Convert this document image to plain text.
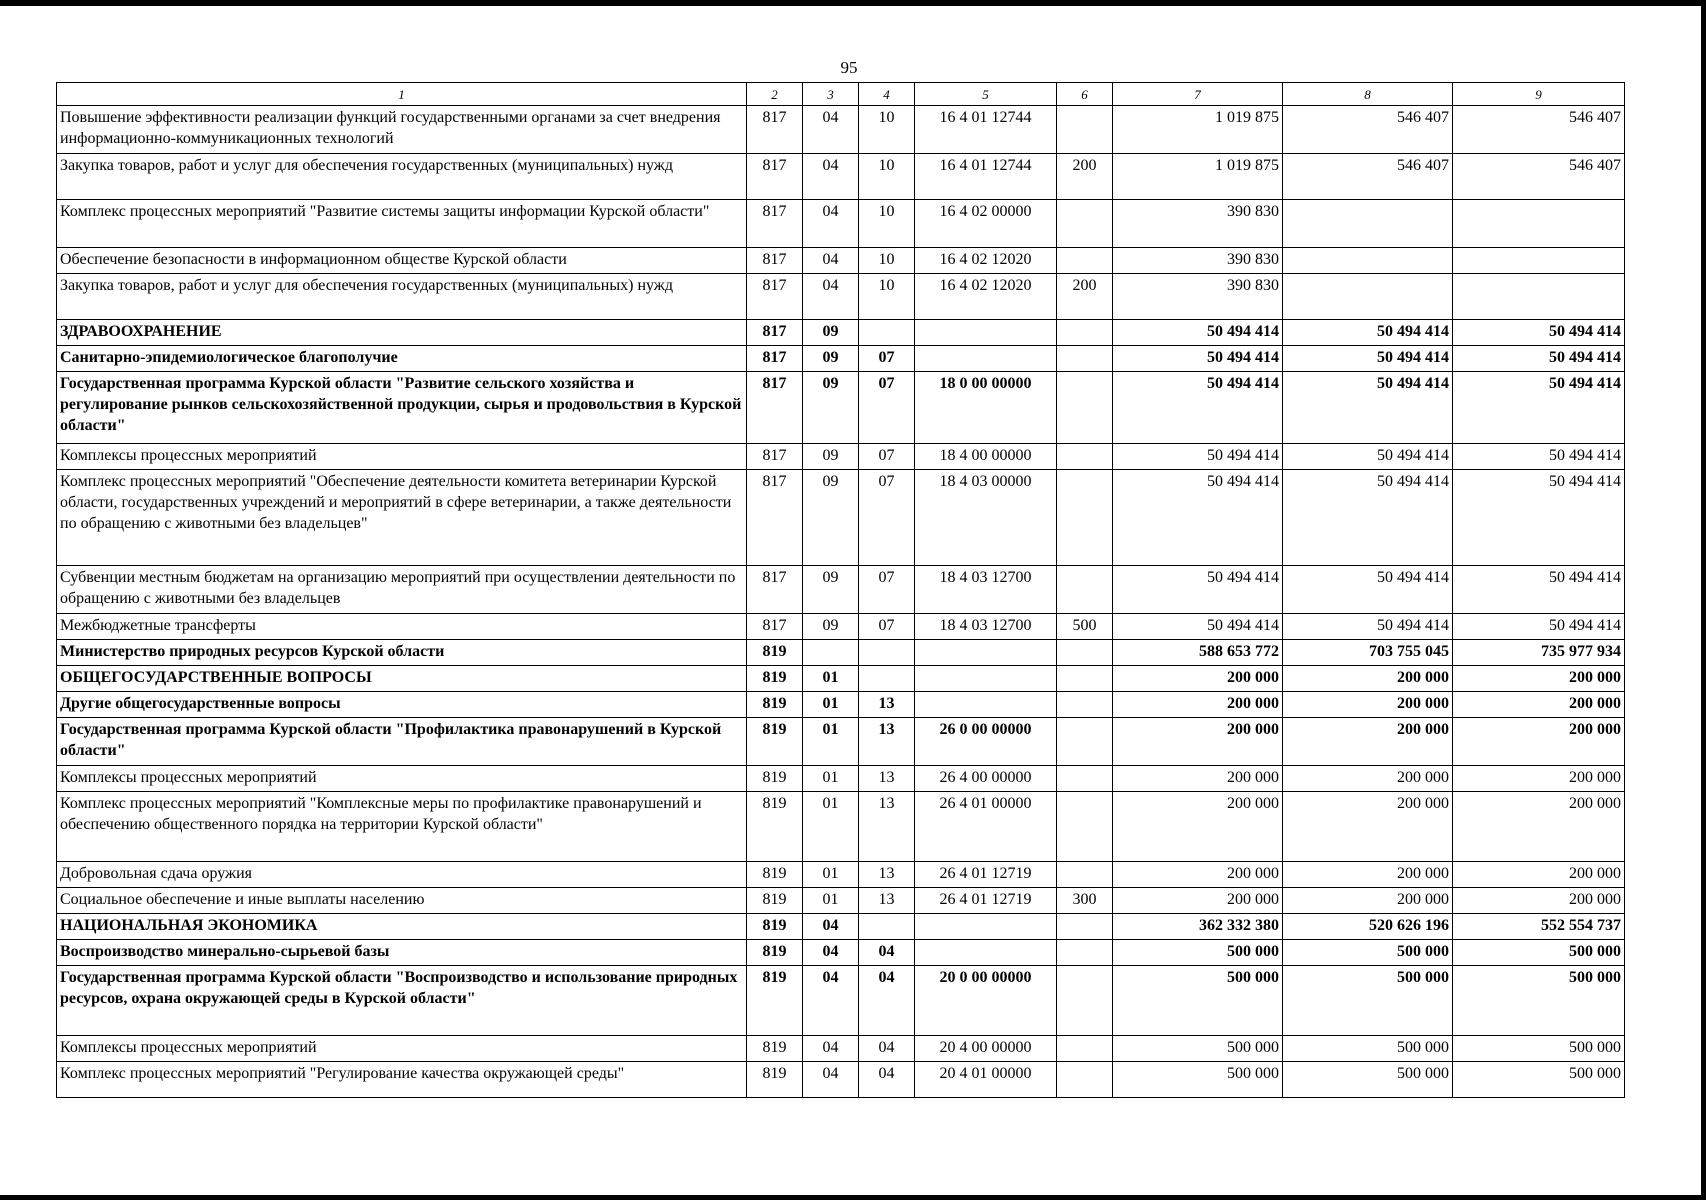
95
1	2	3	4	5	6	7	8	9
Повышение эффективности реализации функций государственными органами за счет внедрения информационно-коммуникационных технологий	817	04	10	16 4 01 12744		1 019 875	546 407	546 407
Закупка товаров, работ и услуг для обеспечения государственных (муниципальных) нужд	817	04	10	16 4 01 12744	200	1 019 875	546 407	546 407
Комплекс процессных мероприятий "Развитие системы защиты информации Курской области"	817	04	10	16 4 02 00000		390 830		
Обеспечение безопасности в информационном обществе Курской области	817	04	10	16 4 02 12020		390 830		
Закупка товаров, работ и услуг для обеспечения государственных (муниципальных) нужд	817	04	10	16 4 02 12020	200	390 830		
ЗДРАВООХРАНЕНИЕ	817	09				50 494 414	50 494 414	50 494 414
Санитарно-эпидемиологическое благополучие	817	09	07			50 494 414	50 494 414	50 494 414
Государственная программа Курской области "Развитие сельского хозяйства и регулирование рынков сельскохозяйственной продукции, сырья и продовольствия в Курской области"	817	09	07	18 0 00 00000		50 494 414	50 494 414	50 494 414
Комплексы процессных мероприятий	817	09	07	18 4 00 00000		50 494 414	50 494 414	50 494 414
Комплекс процессных мероприятий "Обеспечение деятельности комитета ветеринарии Курской области, государственных учреждений и мероприятий в сфере ветеринарии, а также деятельности по обращению с животными без владельцев"	817	09	07	18 4 03 00000		50 494 414	50 494 414	50 494 414
Субвенции местным бюджетам на организацию мероприятий при осуществлении деятельности по обращению с животными без владельцев	817	09	07	18 4 03 12700		50 494 414	50 494 414	50 494 414
Межбюджетные трансферты	817	09	07	18 4 03 12700	500	50 494 414	50 494 414	50 494 414
Министерство природных ресурсов Курской области	819					588 653 772	703 755 045	735 977 934
ОБЩЕГОСУДАРСТВЕННЫЕ ВОПРОСЫ	819	01				200 000	200 000	200 000
Другие общегосударственные вопросы	819	01	13			200 000	200 000	200 000
Государственная программа Курской области "Профилактика правонарушений в Курской области"	819	01	13	26 0 00 00000		200 000	200 000	200 000
Комплексы процессных мероприятий	819	01	13	26 4 00 00000		200 000	200 000	200 000
Комплекс процессных мероприятий "Комплексные меры по профилактике правонарушений и обеспечению общественного порядка на территории Курской области"	819	01	13	26 4 01 00000		200 000	200 000	200 000
Добровольная сдача оружия	819	01	13	26 4 01 12719		200 000	200 000	200 000
Социальное обеспечение и иные выплаты населению	819	01	13	26 4 01 12719	300	200 000	200 000	200 000
НАЦИОНАЛЬНАЯ ЭКОНОМИКА	819	04				362 332 380	520 626 196	552 554 737
Воспроизводство минерально-сырьевой базы	819	04	04			500 000	500 000	500 000
Государственная программа Курской области "Воспроизводство и использование природных ресурсов, охрана окружающей среды в Курской области"	819	04	04	20 0 00 00000		500 000	500 000	500 000
Комплексы процессных мероприятий	819	04	04	20 4 00 00000		500 000	500 000	500 000
Комплекс процессных мероприятий "Регулирование качества окружающей среды"	819	04	04	20 4 01 00000		500 000	500 000	500 000
